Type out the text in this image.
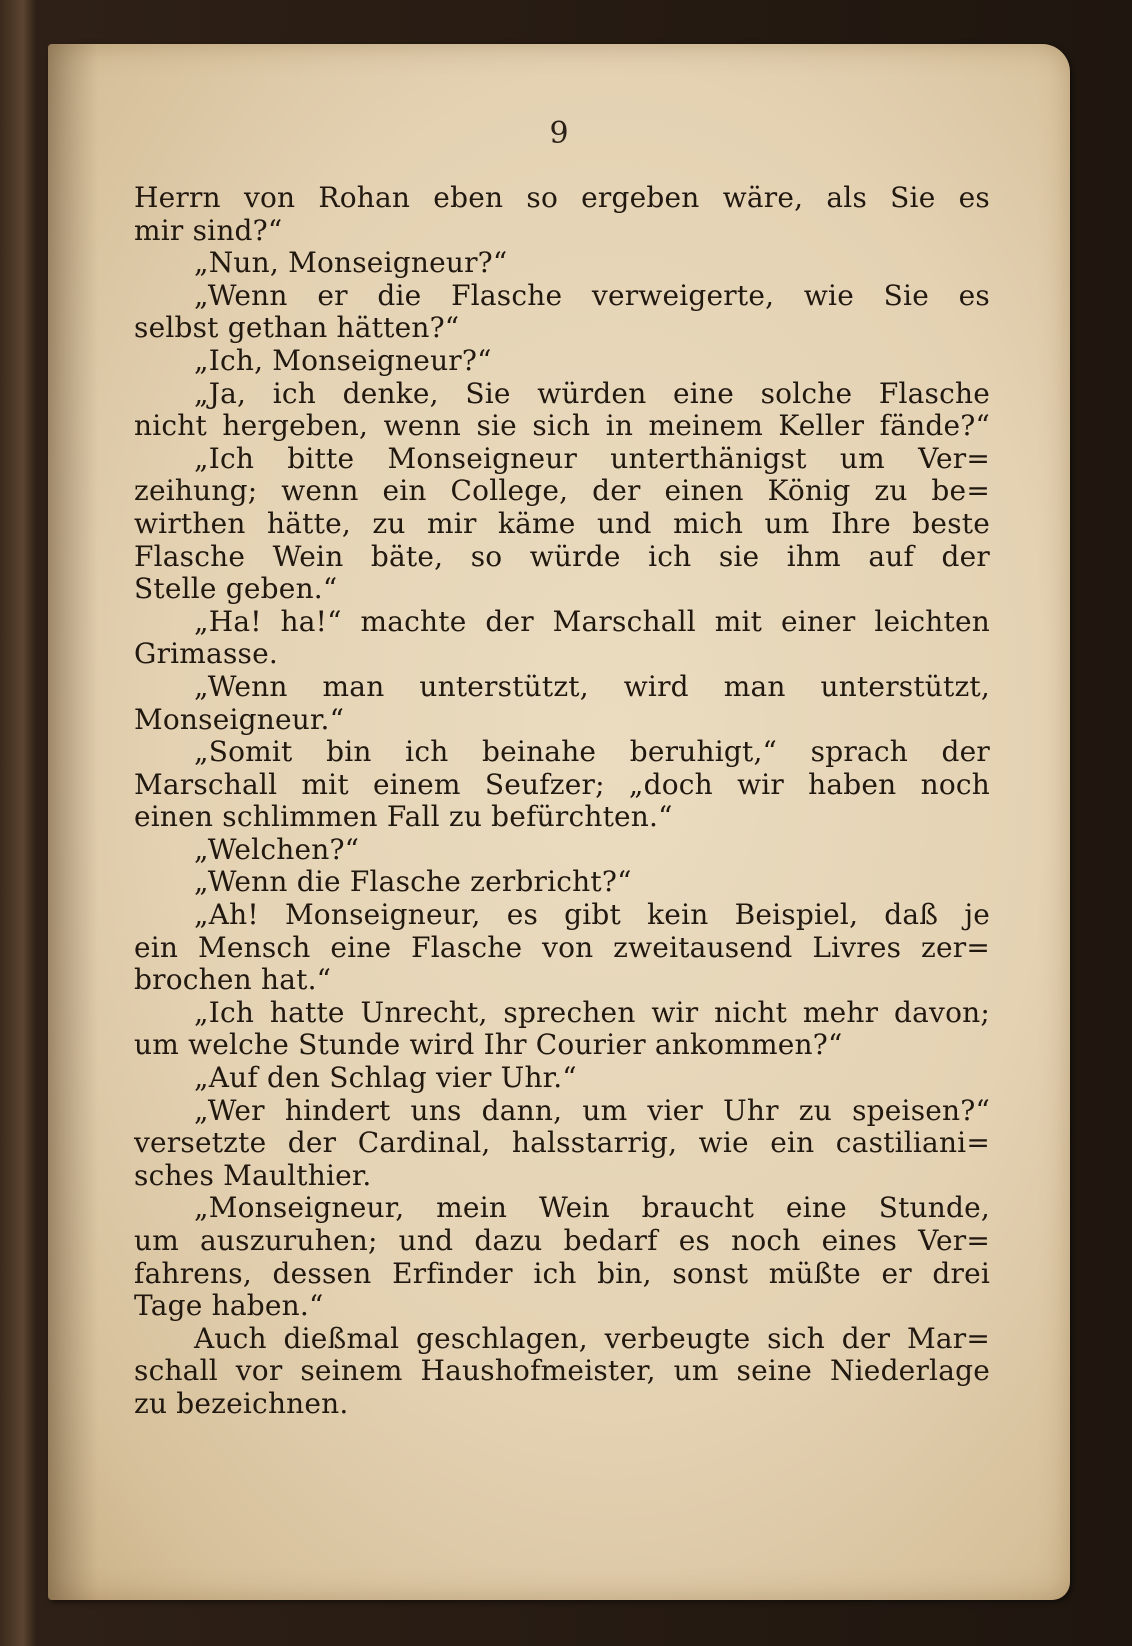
9
Herrn von Rohan eben so ergeben wäre, als Sie es
mir sind?“
„Nun, Monseigneur?“
„Wenn er die Flasche verweigerte, wie Sie es
selbst gethan hätten?“
„Ich, Monseigneur?“
„Ja, ich denke, Sie würden eine solche Flasche
nicht hergeben, wenn sie sich in meinem Keller fände?“
„Ich bitte Monseigneur unterthänigst um Ver=
zeihung; wenn ein College, der einen König zu be=
wirthen hätte, zu mir käme und mich um Ihre beste
Flasche Wein bäte, so würde ich sie ihm auf der
Stelle geben.“
„Ha! ha!“ machte der Marschall mit einer leichten
Grimasse.
„Wenn man unterstützt, wird man unterstützt,
Monseigneur.“
„Somit bin ich beinahe beruhigt,“ sprach der
Marschall mit einem Seufzer; „doch wir haben noch
einen schlimmen Fall zu befürchten.“
„Welchen?“
„Wenn die Flasche zerbricht?“
„Ah! Monseigneur, es gibt kein Beispiel, daß je
ein Mensch eine Flasche von zweitausend Livres zer=
brochen hat.“
„Ich hatte Unrecht, sprechen wir nicht mehr davon;
um welche Stunde wird Ihr Courier ankommen?“
„Auf den Schlag vier Uhr.“
„Wer hindert uns dann, um vier Uhr zu speisen?“
versetzte der Cardinal, halsstarrig, wie ein castiliani=
sches Maulthier.
„Monseigneur, mein Wein braucht eine Stunde,
um auszuruhen; und dazu bedarf es noch eines Ver=
fahrens, dessen Erfinder ich bin, sonst müßte er drei
Tage haben.“
Auch dießmal geschlagen, verbeugte sich der Mar=
schall vor seinem Haushofmeister, um seine Niederlage
zu bezeichnen.
